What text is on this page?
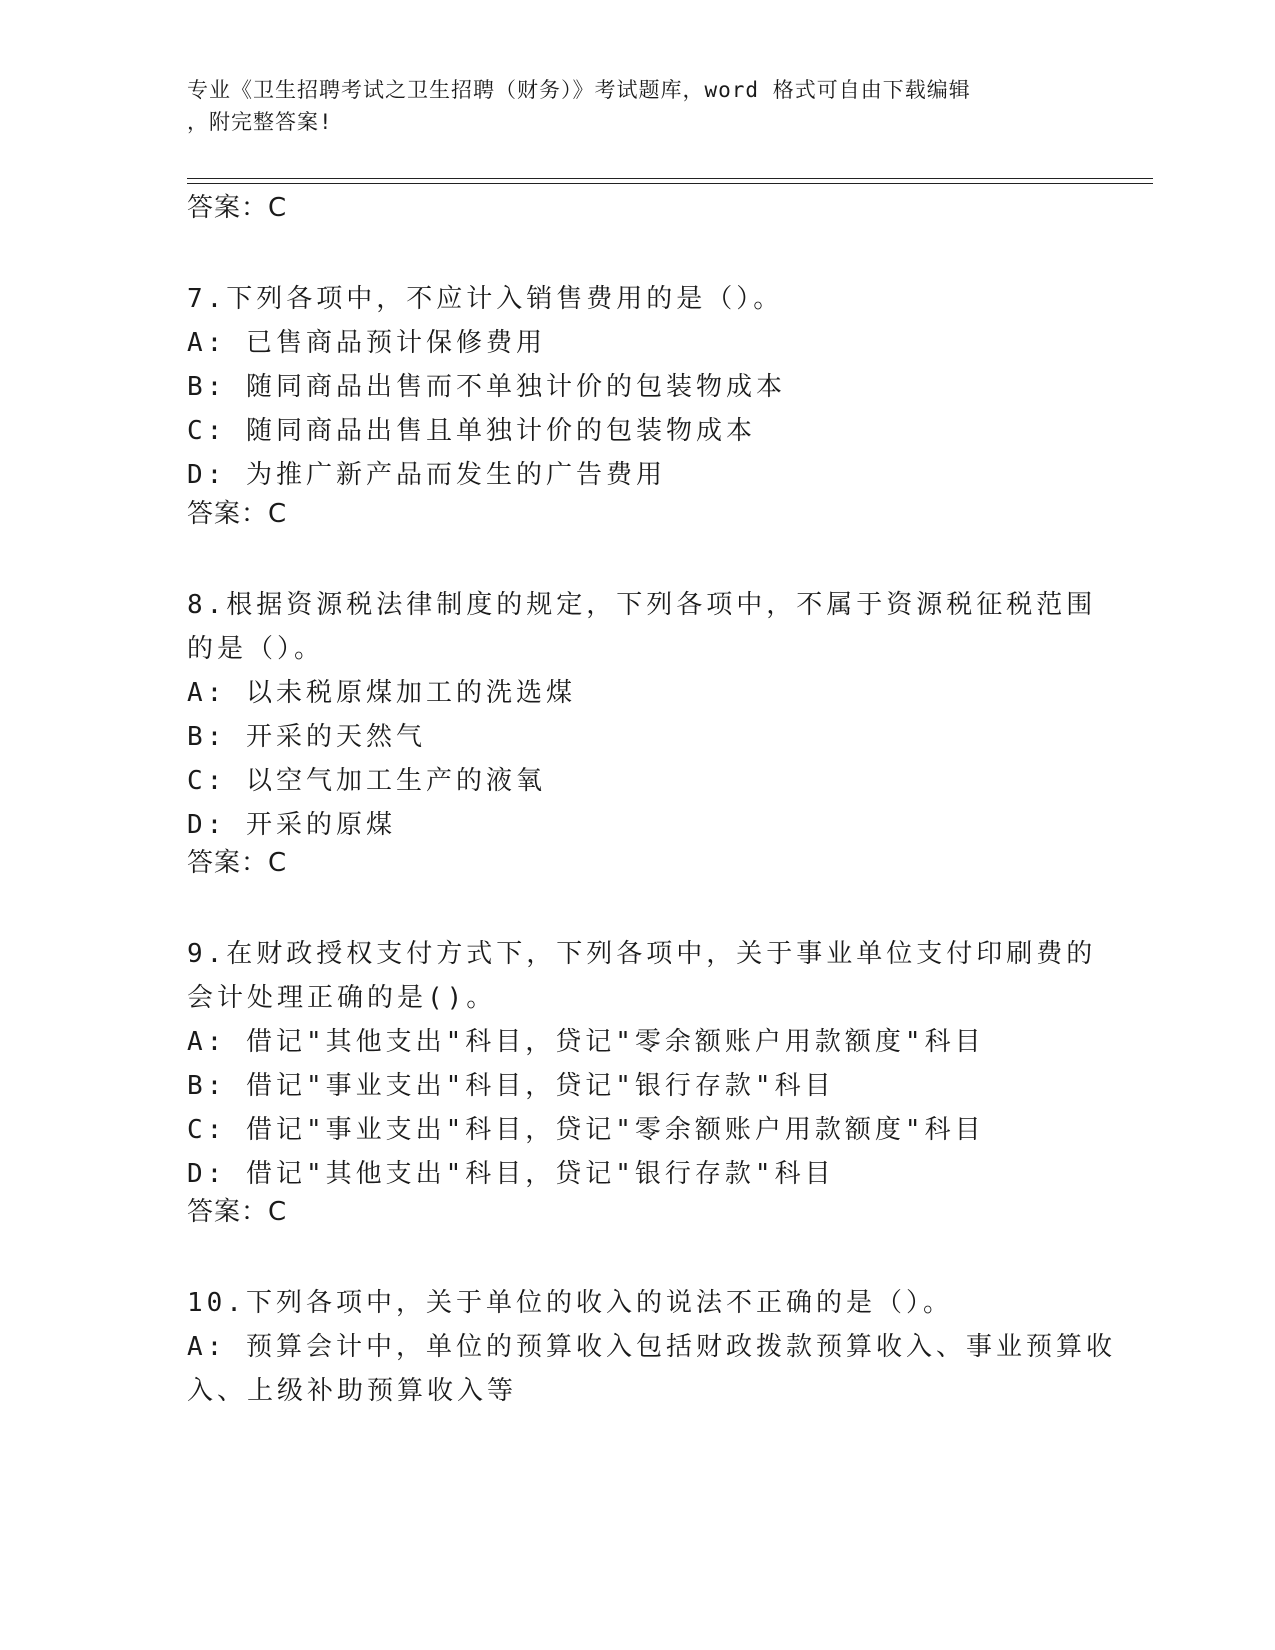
专业《卫生招聘考试之卫生招聘（财务）》考试题库，word 格式可自由下载编辑
，附完整答案!
答案：C
7.下列各项中，不应计入销售费用的是（）。
A: 已售商品预计保修费用
B: 随同商品出售而不单独计价的包装物成本
C: 随同商品出售且单独计价的包装物成本
D: 为推广新产品而发生的广告费用
答案：C
8.根据资源税法律制度的规定，下列各项中，不属于资源税征税范围
的是（）。
A: 以未税原煤加工的洗选煤
B: 开采的天然气
C: 以空气加工生产的液氧
D: 开采的原煤
答案：C
9.在财政授权支付方式下，下列各项中，关于事业单位支付印刷费的
会计处理正确的是()。
A: 借记"其他支出"科目，贷记"零余额账户用款额度"科目
B: 借记"事业支出"科目，贷记"银行存款"科目
C: 借记"事业支出"科目，贷记"零余额账户用款额度"科目
D: 借记"其他支出"科目，贷记"银行存款"科目
答案：C
10.下列各项中，关于单位的收入的说法不正确的是（）。
A: 预算会计中，单位的预算收入包括财政拨款预算收入、事业预算收
入、上级补助预算收入等
